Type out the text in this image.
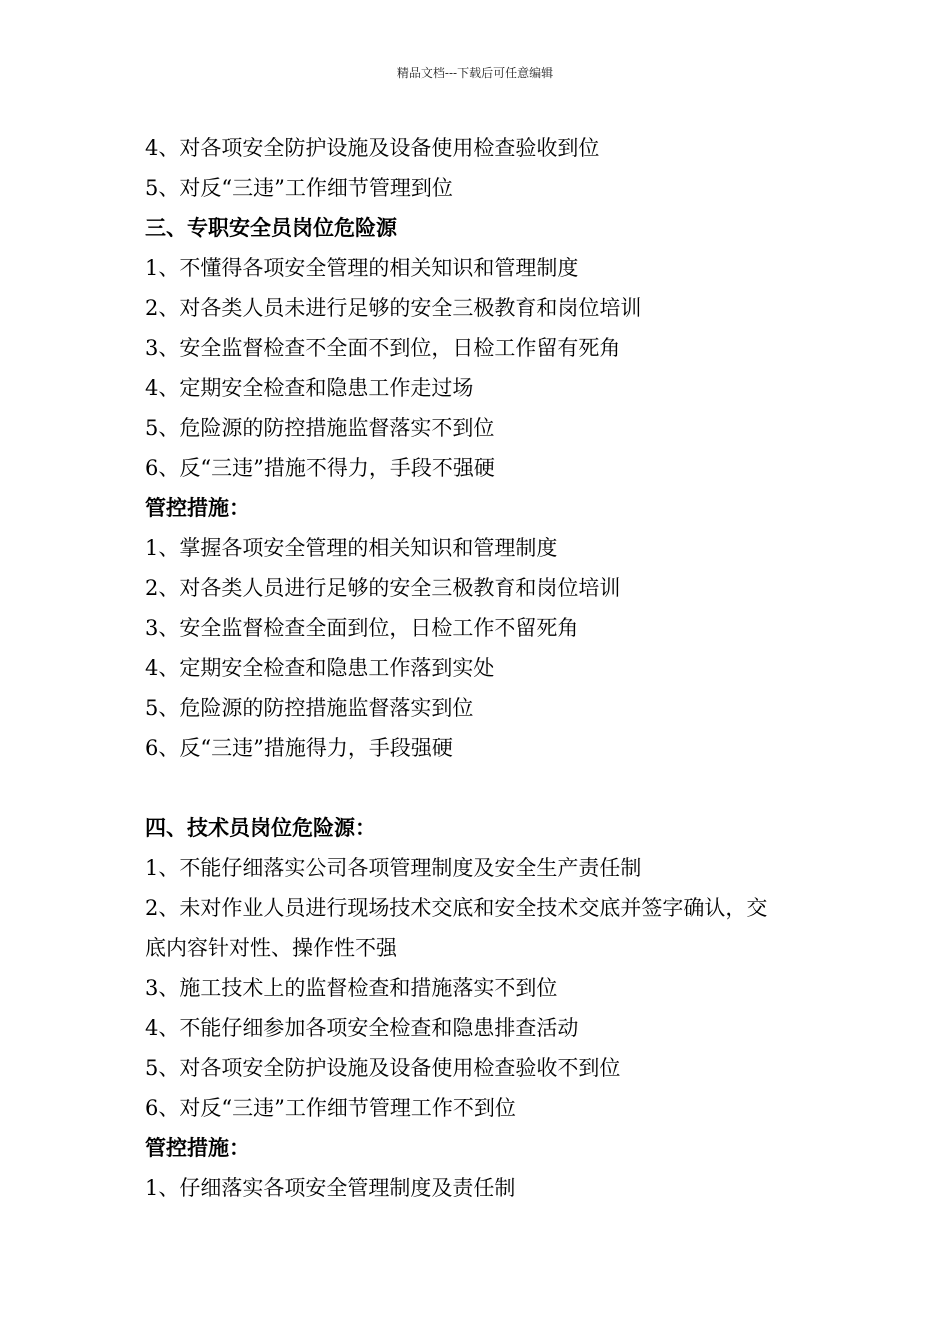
精品文档---下载后可任意编辑
4、对各项安全防护设施及设备使用检查验收到位
5、对反“三违”工作细节管理到位
三、专职安全员岗位危险源
1、不懂得各项安全管理的相关知识和管理制度
2、对各类人员未进行足够的安全三极教育和岗位培训
3、安全监督检查不全面不到位，日检工作留有死角
4、定期安全检查和隐患工作走过场
5、危险源的防控措施监督落实不到位
6、反“三违”措施不得力，手段不强硬
管控措施：
1、掌握各项安全管理的相关知识和管理制度
2、对各类人员进行足够的安全三极教育和岗位培训
3、安全监督检查全面到位，日检工作不留死角
4、定期安全检查和隐患工作落到实处
5、危险源的防控措施监督落实到位
6、反“三违”措施得力，手段强硬
四、技术员岗位危险源：
1、不能仔细落实公司各项管理制度及安全生产责任制
2、未对作业人员进行现场技术交底和安全技术交底并签字确认，交
底内容针对性、操作性不强
3、施工技术上的监督检查和措施落实不到位
4、不能仔细参加各项安全检查和隐患排查活动
5、对各项安全防护设施及设备使用检查验收不到位
6、对反“三违”工作细节管理工作不到位
管控措施：
1、仔细落实各项安全管理制度及责任制
